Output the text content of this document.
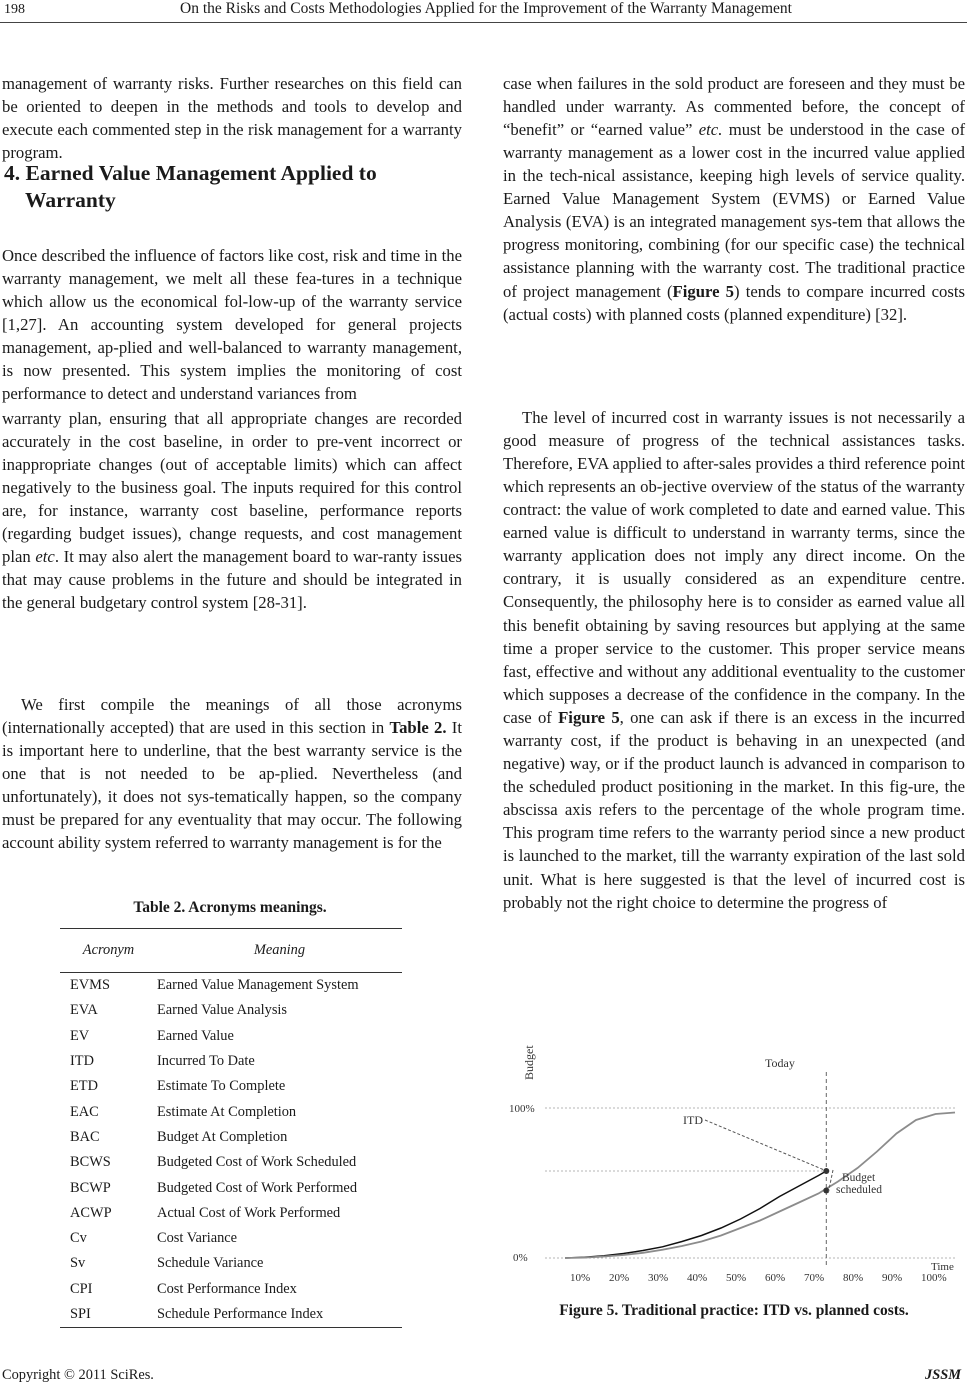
198	On the Risks and Costs Methodologies Applied for the Improvement of the Warranty Management

management of warranty risks. Further researches on this field can be oriented to deepen in the methods and tools to develop and execute each commented step in the risk management for a warranty program.

4. Earned Value Management Applied to
Warranty

Once described the influence of factors like cost, risk and time in the warranty management, we melt all these fea-tures in a technique which allow us the economical fol-low-up of the warranty service [1,27]. An accounting system developed for general projects management, ap-plied and well-balanced to warranty management, is now presented. This system implies the monitoring of cost performance to detect and understand variances from

warranty plan, ensuring that all appropriate changes are recorded accurately in the cost baseline, in order to pre-vent incorrect or inappropriate changes (out of acceptable limits) which can affect negatively to the business goal. The inputs required for this control are, for instance, warranty cost baseline, performance reports (regarding budget issues), change requests, and cost management plan etc. It may also alert the management board to war-ranty issues that may cause problems in the future and should be integrated in the general budgetary control system [28-31].

We first compile the meanings of all those acronyms (internationally accepted) that are used in this section in Table 2. It is important here to underline, that the best warranty service is the one that is not needed to be ap-plied. Nevertheless (and unfortunately), it does not sys-tematically happen, so the company must be prepared for any eventuality that may occur. The following account ability system referred to warranty management is for the

Table 2. Acronyms meanings.
Acronym	Meaning
EVMS	Earned Value Management System
EVA	Earned Value Analysis
EV	Earned Value
ITD	Incurred To Date
ETD	Estimate To Complete
EAC	Estimate At Completion
BAC	Budget At Completion
BCWS	Budgeted Cost of Work Scheduled
BCWP	Budgeted Cost of Work Performed
ACWP	Actual Cost of Work Performed
Cv	Cost Variance
Sv	Schedule Variance
CPI	Cost Performance Index
SPI	Schedule Performance Index

case when failures in the sold product are foreseen and they must be handled under warranty. As commented before, the concept of “benefit” or “earned value” etc. must be understood in the case of warranty management as a lower cost in the incurred value applied in the tech-nical assistance, keeping high levels of service quality. Earned Value Management System (EVMS) or Earned Value Analysis (EVA) is an integrated management sys-tem that allows the progress monitoring, combining (for our specific case) the technical assistance planning with the warranty cost. The traditional practice of project management (Figure 5) tends to compare incurred costs (actual costs) with planned costs (planned expenditure) [32].

The level of incurred cost in warranty issues is not necessarily a good measure of progress of the technical assistances tasks. Therefore, EVA applied to after-sales provides a third reference point which represents an ob-jective overview of the status of the warranty contract: the value of work completed to date and earned value. This earned value is difficult to understand in warranty terms, since the warranty application does not imply any direct income. On the contrary, it is usually considered as an expenditure centre. Consequently, the philosophy here is to consider as earned value all this benefit obtaining by saving resources but applying at the same time a proper service to the customer. This proper service means fast, effective and without any additional eventuality to the customer which supposes a decrease of the confidence in the company. In the case of Figure 5, one can ask if there is an excess in the incurred warranty cost, if the product is behaving in an unexpected (and negative) way, or if the product launch is advanced in comparison to the scheduled product positioning in the market. In this fig-ure, the abscissa axis refers to the percentage of the whole program time. This program time refers to the warranty period since a new product is launched to the market, till the warranty expiration of the last sold unit. What is here suggested is that the level of incurred cost is probably not the right choice to determine the progress of

Budget
100%
0%
Time
10% 20% 30% 40% 50% 60% 70% 80% 90% 100%
Today
ITD
Budget
scheduled
Figure 5. Traditional practice: ITD vs. planned costs.
Copyright © 2011 SciRes.	JSSM
